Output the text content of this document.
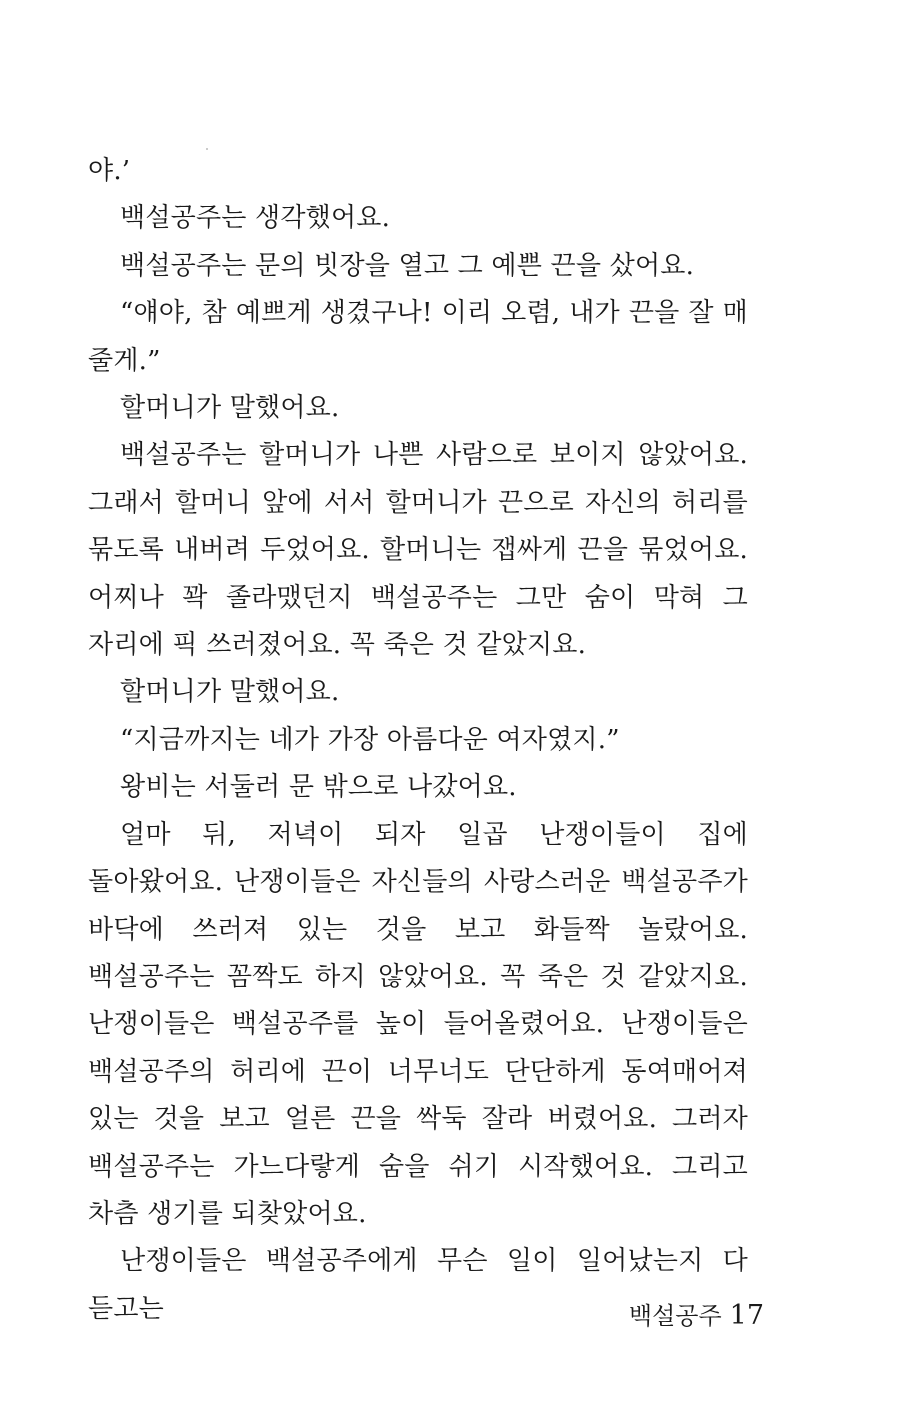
야.’

백설공주는 생각했어요.

백설공주는 문의 빗장을 열고 그 예쁜 끈을 샀어요.

“얘야, 참 예쁘게 생겼구나! 이리 오렴, 내가 끈을 잘 매 줄게.”

할머니가 말했어요.

백설공주는 할머니가 나쁜 사람으로 보이지 않았어요. 그래서 할머니 앞에 서서 할머니가 끈으로 자신의 허리를 묶도록 내버려 두었어요. 할머니는 잽싸게 끈을 묶었어요. 어찌나 꽉 졸라맸던지 백설공주는 그만 숨이 막혀 그 자리에 픽 쓰러졌어요. 꼭 죽은 것 같았지요.

할머니가 말했어요.

“지금까지는 네가 가장 아름다운 여자였지.”

왕비는 서둘러 문 밖으로 나갔어요.

얼마 뒤, 저녁이 되자 일곱 난쟁이들이 집에 돌아왔어요. 난쟁이들은 자신들의 사랑스러운 백설공주가 바닥에 쓰러져 있는 것을 보고 화들짝 놀랐어요. 백설공주는 꼼짝도 하지 않았어요. 꼭 죽은 것 같았지요. 난쟁이들은 백설공주를 높이 들어올렸어요. 난쟁이들은 백설공주의 허리에 끈이 너무너도 단단하게 동여매어져 있는 것을 보고 얼른 끈을 싹둑 잘라 버렸어요. 그러자 백설공주는 가느다랗게 숨을 쉬기 시작했어요. 그리고 차츰 생기를 되찾았어요.

난쟁이들은 백설공주에게 무슨 일이 일어났는지 다 듣고는	백설공주 17
